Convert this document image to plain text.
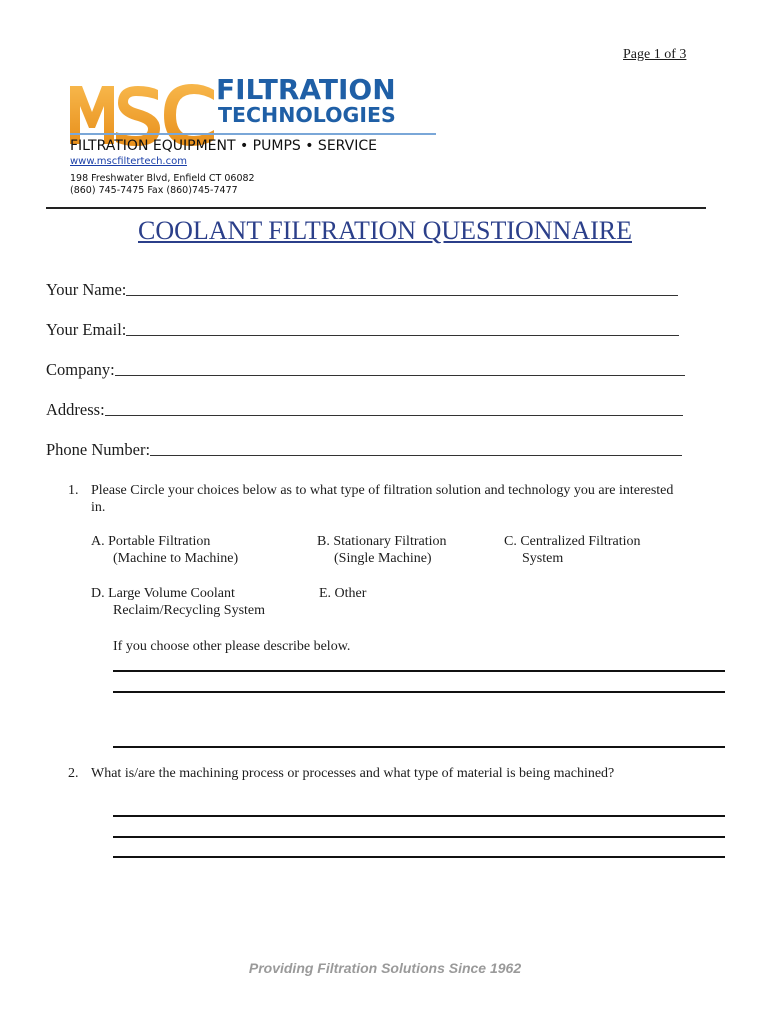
Page 1 of 3
FILTRATION
TECHNOLOGIES
FILTRATION EQUIPMENT • PUMPS • SERVICE
www.mscfiltertech.com
198 Freshwater Blvd, Enfield CT 06082
(860) 745-7475 Fax (860)745-7477
COOLANT FILTRATION QUESTIONNAIRE
Your Name:
Your Email:
Company:
Address:
Phone Number:
1. Please Circle your choices below as to what type of filtration solution and technology you are interested
in.
A. Portable Filtration
(Machine to Machine)
B. Stationary Filtration
(Single Machine)
C. Centralized Filtration
System
D. Large Volume Coolant
Reclaim/Recycling System
E. Other
If you choose other please describe below.
2. What is/are the machining process or processes and what type of material is being machined?
Providing Filtration Solutions Since 1962
